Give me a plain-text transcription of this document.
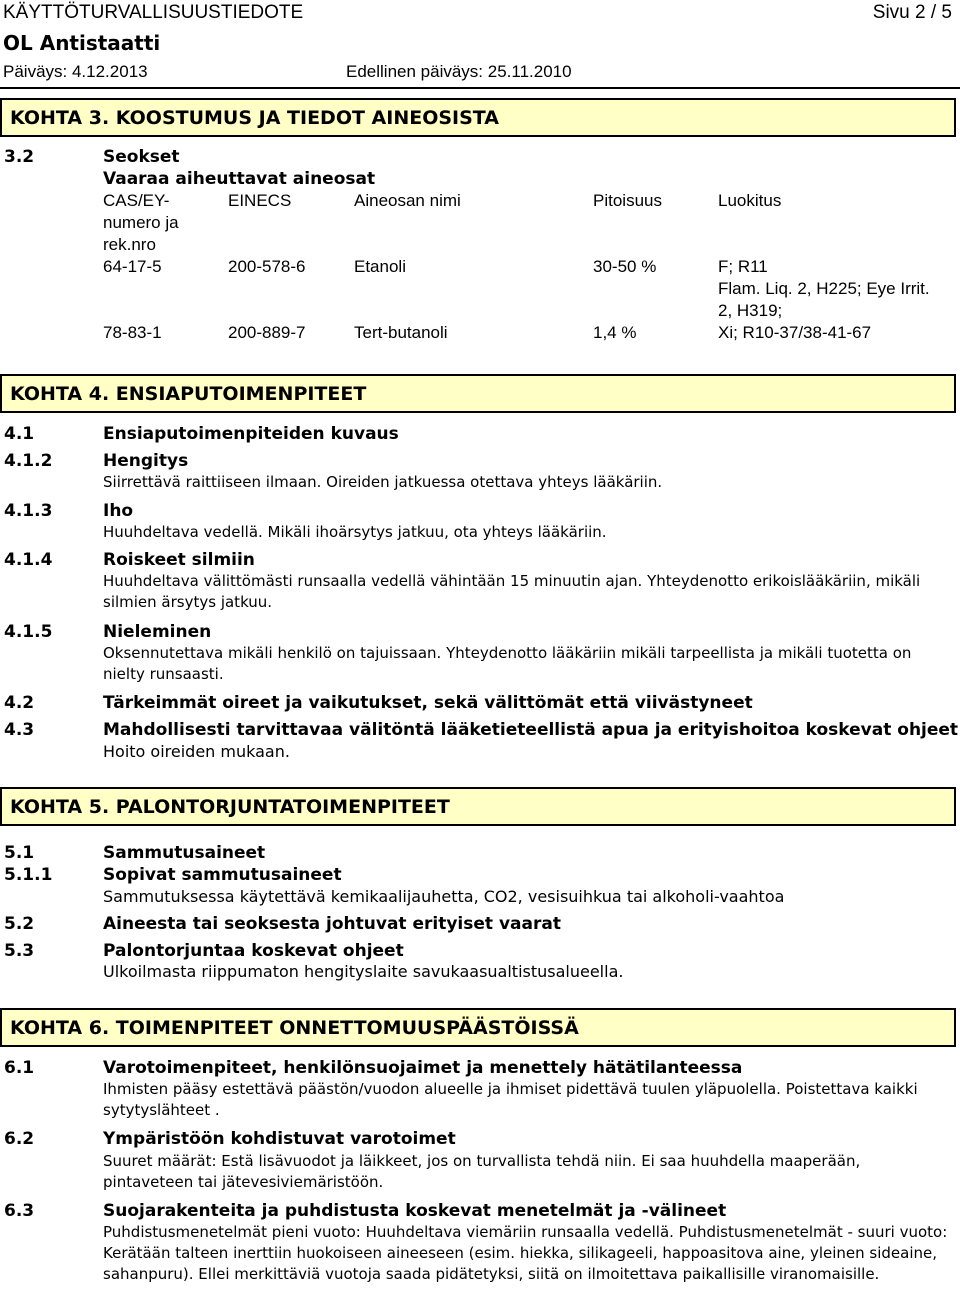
KÄYTTÖTURVALLISUUSTIEDOTE	Sivu 2 / 5
OL Antistaatti
Päiväys: 4.12.2013	Edellinen päiväys: 25.11.2010
KOHTA 3. KOOSTUMUS JA TIEDOT AINEOSISTA
3.2	Seokset
Vaaraa aiheuttavat aineosat
CAS/EY-
numero ja
rek.nro
EINECS	Aineosan nimi	Pitoisuus	Luokitus
64-17-5	200-578-6	Etanoli	30-50 %	F; R11
Flam. Liq. 2, H225; Eye Irrit.
2, H319;
78-83-1	200-889-7	Tert-butanoli	1,4 %	Xi; R10-37/38-41-67
KOHTA 4. ENSIAPUTOIMENPITEET
4.1	Ensiaputoimenpiteiden kuvaus
4.1.2	Hengitys
Siirrettävä raittiiseen ilmaan. Oireiden jatkuessa otettava yhteys lääkäriin.
4.1.3	Iho
Huuhdeltava vedellä. Mikäli ihoärsytys jatkuu, ota yhteys lääkäriin.
4.1.4	Roiskeet silmiin
Huuhdeltava välittömästi runsaalla vedellä vähintään 15 minuutin ajan. Yhteydenotto erikoislääkäriin, mikäli silmien ärsytys jatkuu.
4.1.5	Nieleminen
Oksennutettava mikäli henkilö on tajuissaan. Yhteydenotto lääkäriin mikäli tarpeellista ja mikäli tuotetta on nielty runsaasti.
4.2	Tärkeimmät oireet ja vaikutukset, sekä välittömät että viivästyneet
4.3	Mahdollisesti tarvittavaa välitöntä lääketieteellistä apua ja erityishoitoa koskevat ohjeet
Hoito oireiden mukaan.
KOHTA 5. PALONTORJUNTATOIMENPITEET
5.1	Sammutusaineet
5.1.1	Sopivat sammutusaineet
Sammutuksessa käytettävä kemikaalijauhetta, CO2, vesisuihkua tai alkoholi-vaahtoa
5.2	Aineesta tai seoksesta johtuvat erityiset vaarat
5.3	Palontorjuntaa koskevat ohjeet
Ulkoilmasta riippumaton hengityslaite savukaasualtistusalueella.
KOHTA 6. TOIMENPITEET ONNETTOMUUSPÄÄSTÖISSÄ
6.1	Varotoimenpiteet, henkilönsuojaimet ja menettely hätätilanteessa
Ihmisten pääsy estettävä päästön/vuodon alueelle ja ihmiset pidettävä tuulen yläpuolella. Poistettava kaikki sytytyslähteet .
6.2	Ympäristöön kohdistuvat varotoimet
Suuret määrät: Estä lisävuodot ja läikkeet, jos on turvallista tehdä niin. Ei saa huuhdella maaperään, pintaveteen tai jätevesiviemäristöön.
6.3	Suojarakenteita ja puhdistusta koskevat menetelmät ja -välineet
Puhdistusmenetelmät pieni vuoto: Huuhdeltava viemäriin runsaalla vedellä. Puhdistusmenetelmät - suuri vuoto: Kerätään talteen inerttiin huokoiseen aineeseen (esim. hiekka, silikageeli, happoasitova aine, yleinen sideaine, sahanpuru). Ellei merkittäviä vuotoja saada pidätetyksi, siitä on ilmoitettava paikallisille viranomaisille.
